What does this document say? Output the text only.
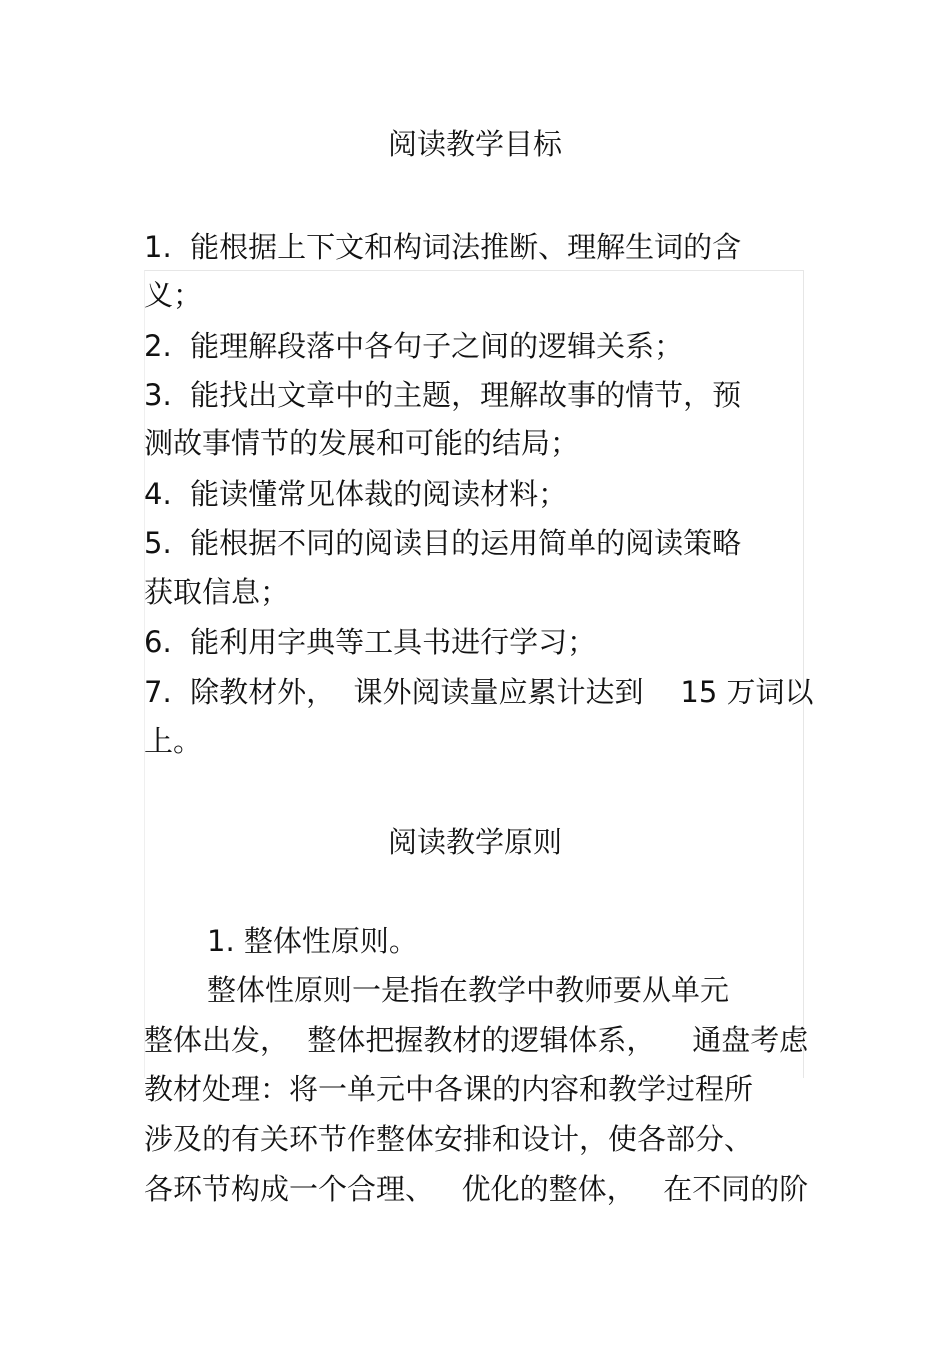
阅读教学目标

1.  能根据上下文和构词法推断、理解生词的含

义；

2.  能理解段落中各句子之间的逻辑关系；

3.  能找出文章中的主题，理解故事的情节，预

测故事情节的发展和可能的结局；

4.  能读懂常见体裁的阅读材料；

5.  能根据不同的阅读目的运用简单的阅读策略

获取信息；

6.  能利用字典等工具书进行学习；

7.  除教材外，  课外阅读量应累计达到    15 万词以

上。

阅读教学原则

1. 整体性原则。

整体性原则一是指在教学中教师要从单元

整体出发，  整体把握教材的逻辑体系，    通盘考虑

教材处理：将一单元中各课的内容和教学过程所

涉及的有关环节作整体安排和设计，使各部分、

各环节构成一个合理、   优化的整体，   在不同的阶
